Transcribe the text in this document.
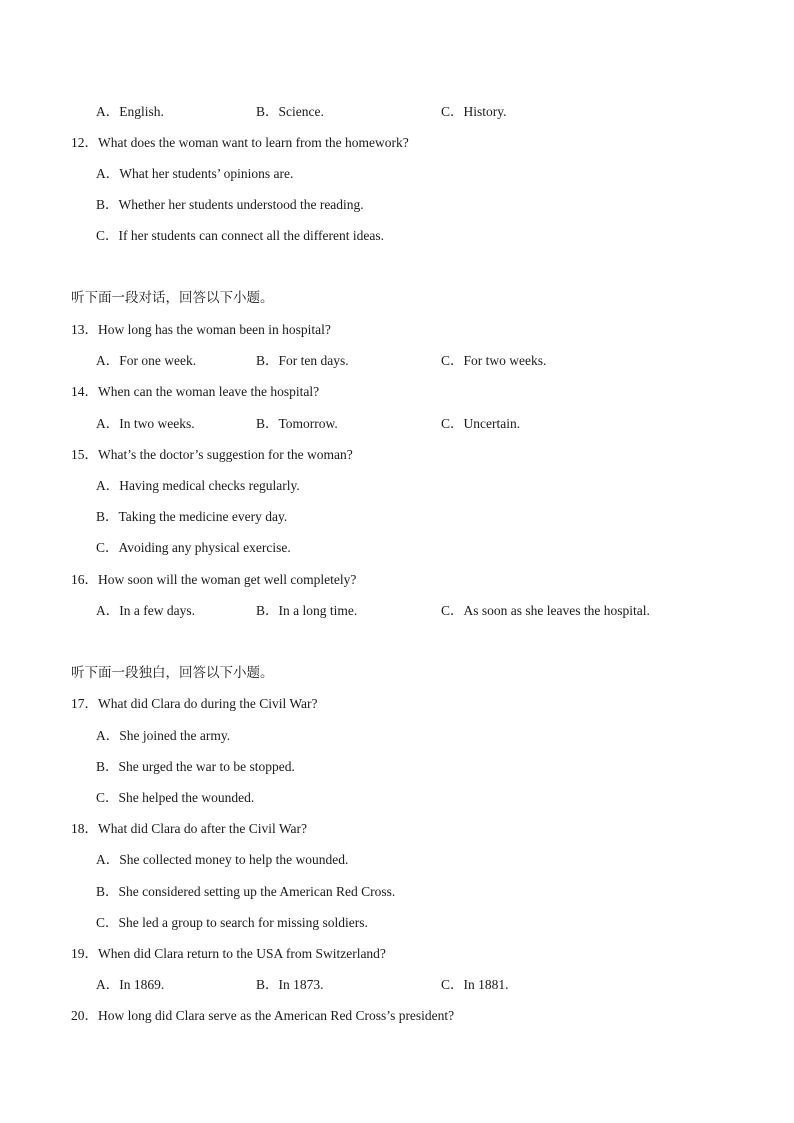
A．English.	B．Science.	C．History.
12．What does the woman want to learn from the homework?
A．What her students’ opinions are.
B．Whether her students understood the reading.
C．If her students can connect all the different ideas.
听下面一段对话，回答以下小题。
13．How long has the woman been in hospital?
A．For one week.	B．For ten days.	C．For two weeks.
14．When can the woman leave the hospital?
A．In two weeks.	B．Tomorrow.	C．Uncertain.
15．What’s the doctor’s suggestion for the woman?
A．Having medical checks regularly.
B．Taking the medicine every day.
C．Avoiding any physical exercise.
16．How soon will the woman get well completely?
A．In a few days.	B．In a long time.	C．As soon as she leaves the hospital.
听下面一段独白，回答以下小题。
17．What did Clara do during the Civil War?
A．She joined the army.
B．She urged the war to be stopped.
C．She helped the wounded.
18．What did Clara do after the Civil War?
A．She collected money to help the wounded.
B．She considered setting up the American Red Cross.
C．She led a group to search for missing soldiers.
19．When did Clara return to the USA from Switzerland?
A．In 1869.	B．In 1873.	C．In 1881.
20．How long did Clara serve as the American Red Cross’s president?
